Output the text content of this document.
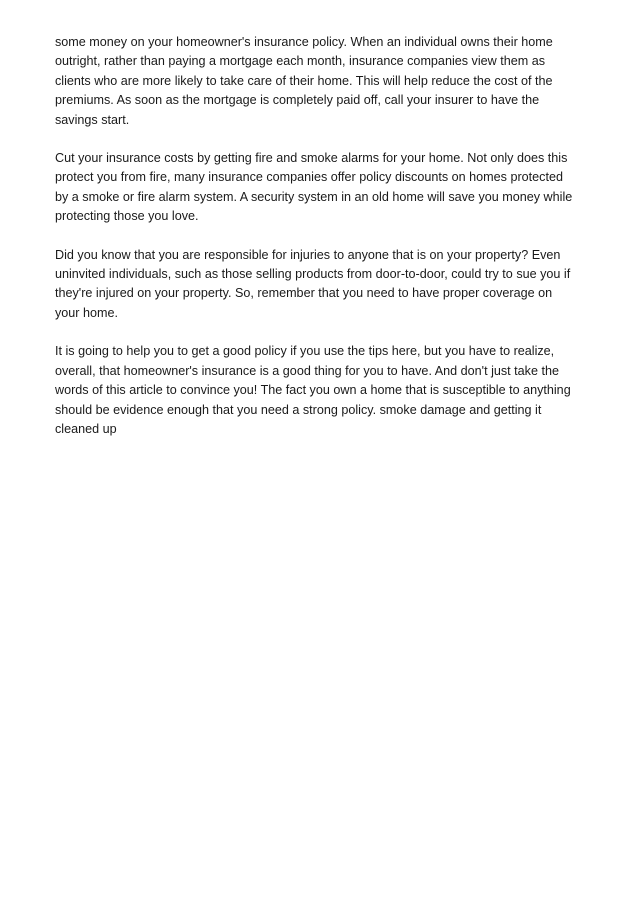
some money on your homeowner's insurance policy. When an individual owns their home
outright, rather than paying a mortgage each month, insurance companies view them as
clients who are more likely to take care of their home. This will help reduce the cost of the
premiums. As soon as the mortgage is completely paid off, call your insurer to have the
savings start.

Cut your insurance costs by getting fire and smoke alarms for your home. Not only does this
protect you from fire, many insurance companies offer policy discounts on homes protected
by a smoke or fire alarm system. A security system in an old home will save you money while
protecting those you love.

Did you know that you are responsible for injuries to anyone that is on your property? Even
uninvited individuals, such as those selling products from door-to-door, could try to sue you if
they're injured on your property. So, remember that you need to have proper coverage on
your home.

It is going to help you to get a good policy if you use the tips here, but you have to realize,
overall, that homeowner's insurance is a good thing for you to have. And don't just take the
words of this article to convince you! The fact you own a home that is susceptible to anything
should be evidence enough that you need a strong policy. smoke damage and getting it
cleaned up
